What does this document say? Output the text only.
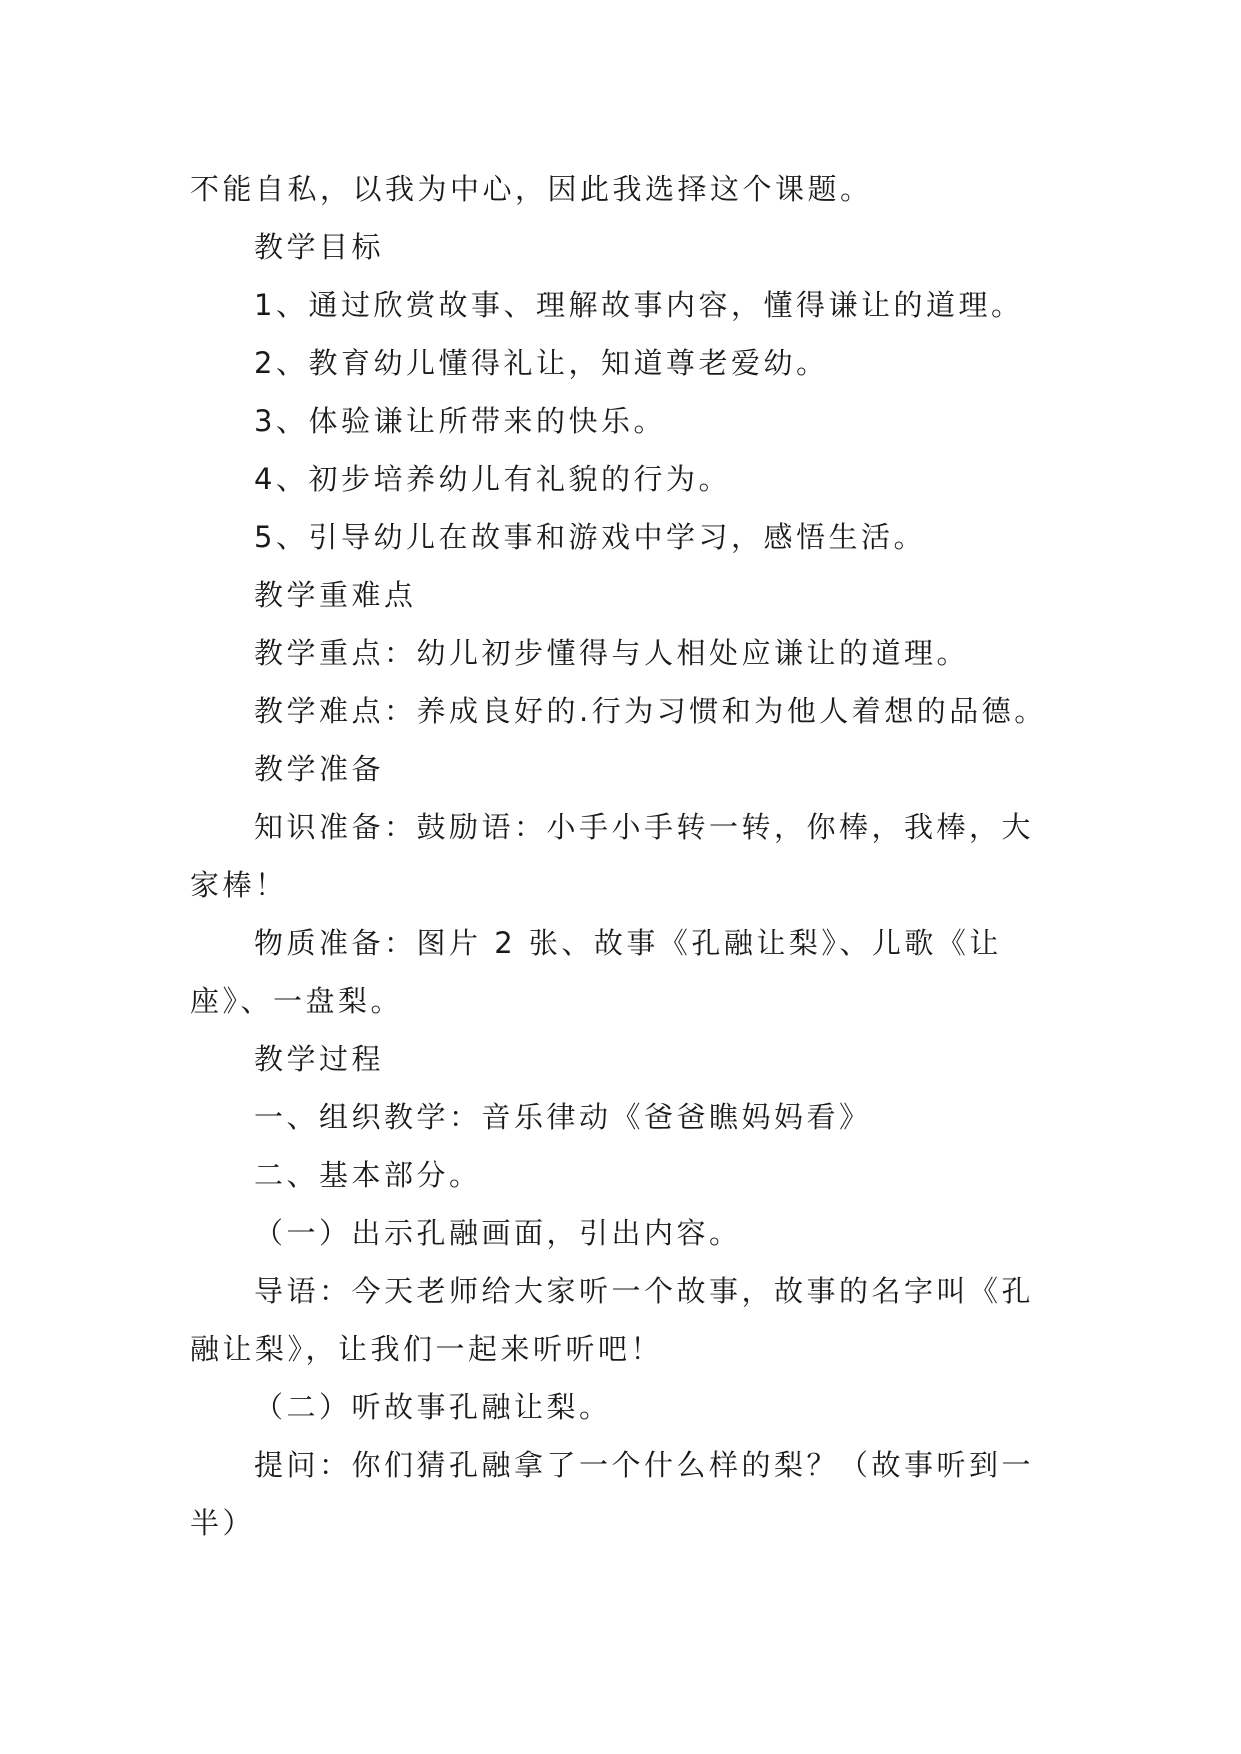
不能自私，以我为中心，因此我选择这个课题。

教学目标

1、通过欣赏故事、理解故事内容，懂得谦让的道理。

2、教育幼儿懂得礼让，知道尊老爱幼。

3、体验谦让所带来的快乐。

4、初步培养幼儿有礼貌的行为。

5、引导幼儿在故事和游戏中学习，感悟生活。

教学重难点

教学重点：幼儿初步懂得与人相处应谦让的道理。

教学难点：养成良好的.行为习惯和为他人着想的品德。

教学准备

知识准备：鼓励语：小手小手转一转，你棒，我棒，大家棒！

物质准备：图片 2 张、故事《孔融让梨》、儿歌《让座》、一盘梨。

教学过程

一、组织教学：音乐律动《爸爸瞧妈妈看》

二、基本部分。

（一）出示孔融画面，引出内容。

导语：今天老师给大家听一个故事，故事的名字叫《孔融让梨》，让我们一起来听听吧！

（二）听故事孔融让梨。

提问：你们猜孔融拿了一个什么样的梨？（故事听到一半）
